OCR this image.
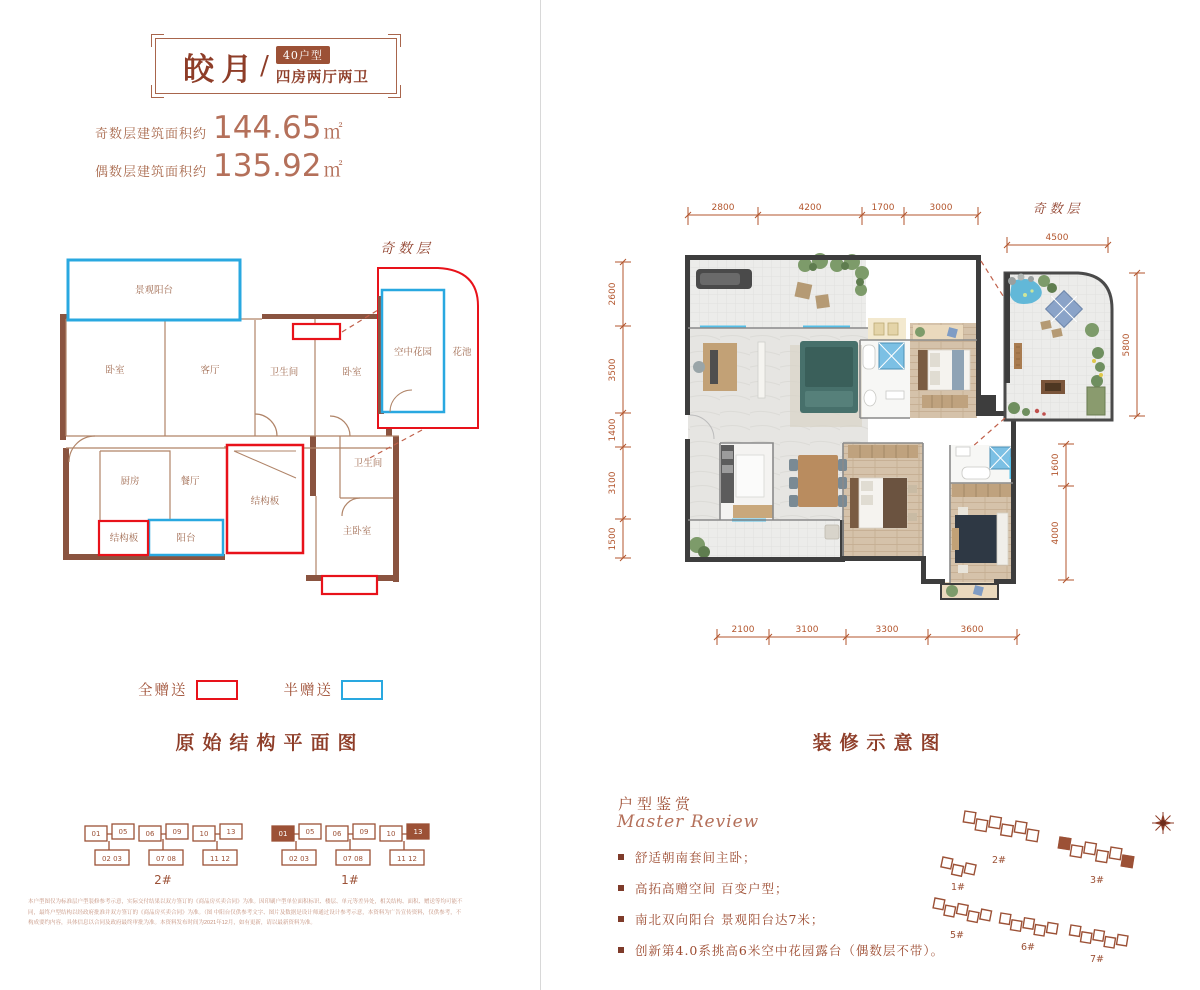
皎月 /	40户型
四房两厅两卫
奇数层建筑面积约 144.65 ㎡
偶数层建筑面积约 135.92 ㎡
景观阳台
卧室	客厅	卫生间	卧室
厨房	餐厅
结构板	阳台
结构板
卫生间
主卧室
空中花园 花池
奇数层
全赠送	半赠送
原始结构平面图
01	05	06	09	10	13
02 03	07 08	11 12
2#
01	05	06	09	10	13
02 03	07 08	11 12
1#
本户型图仅为标准层户型装修参考示意，实际交付结果以双方签订的《商品房买卖合同》为准。因印刷户型单位面积标识、楼层、单元等差异处，相关结构、面积、赠送等均可能不同，最终户型结构以经政府批准并双方签订的《商品房买卖合同》为准。（图 中阳台仅供参考文字、图片及数据是设计师通过设计参考示意，本资料为广告宣传资料，仅供参考，不构成要约内容，具体信息以合同及政府最终审批为准。本资料发布时间为2021年12月，如有更新，请以最新资料为准。
2800	4200	1700	3000
4500
2600
3500
1400
3100
1500
1600
4000
5800
2100	3100	3300	3600
奇数层
装修示意图
户型鉴赏
Master Review
舒适朝南套间主卧；
高拓高赠空间 百变户型；
南北双向阳台 景观阳台达7米；
创新第4.0系挑高6米空中花园露台（偶数层不带）。
2#
3#
1#
5#
6#
7#
